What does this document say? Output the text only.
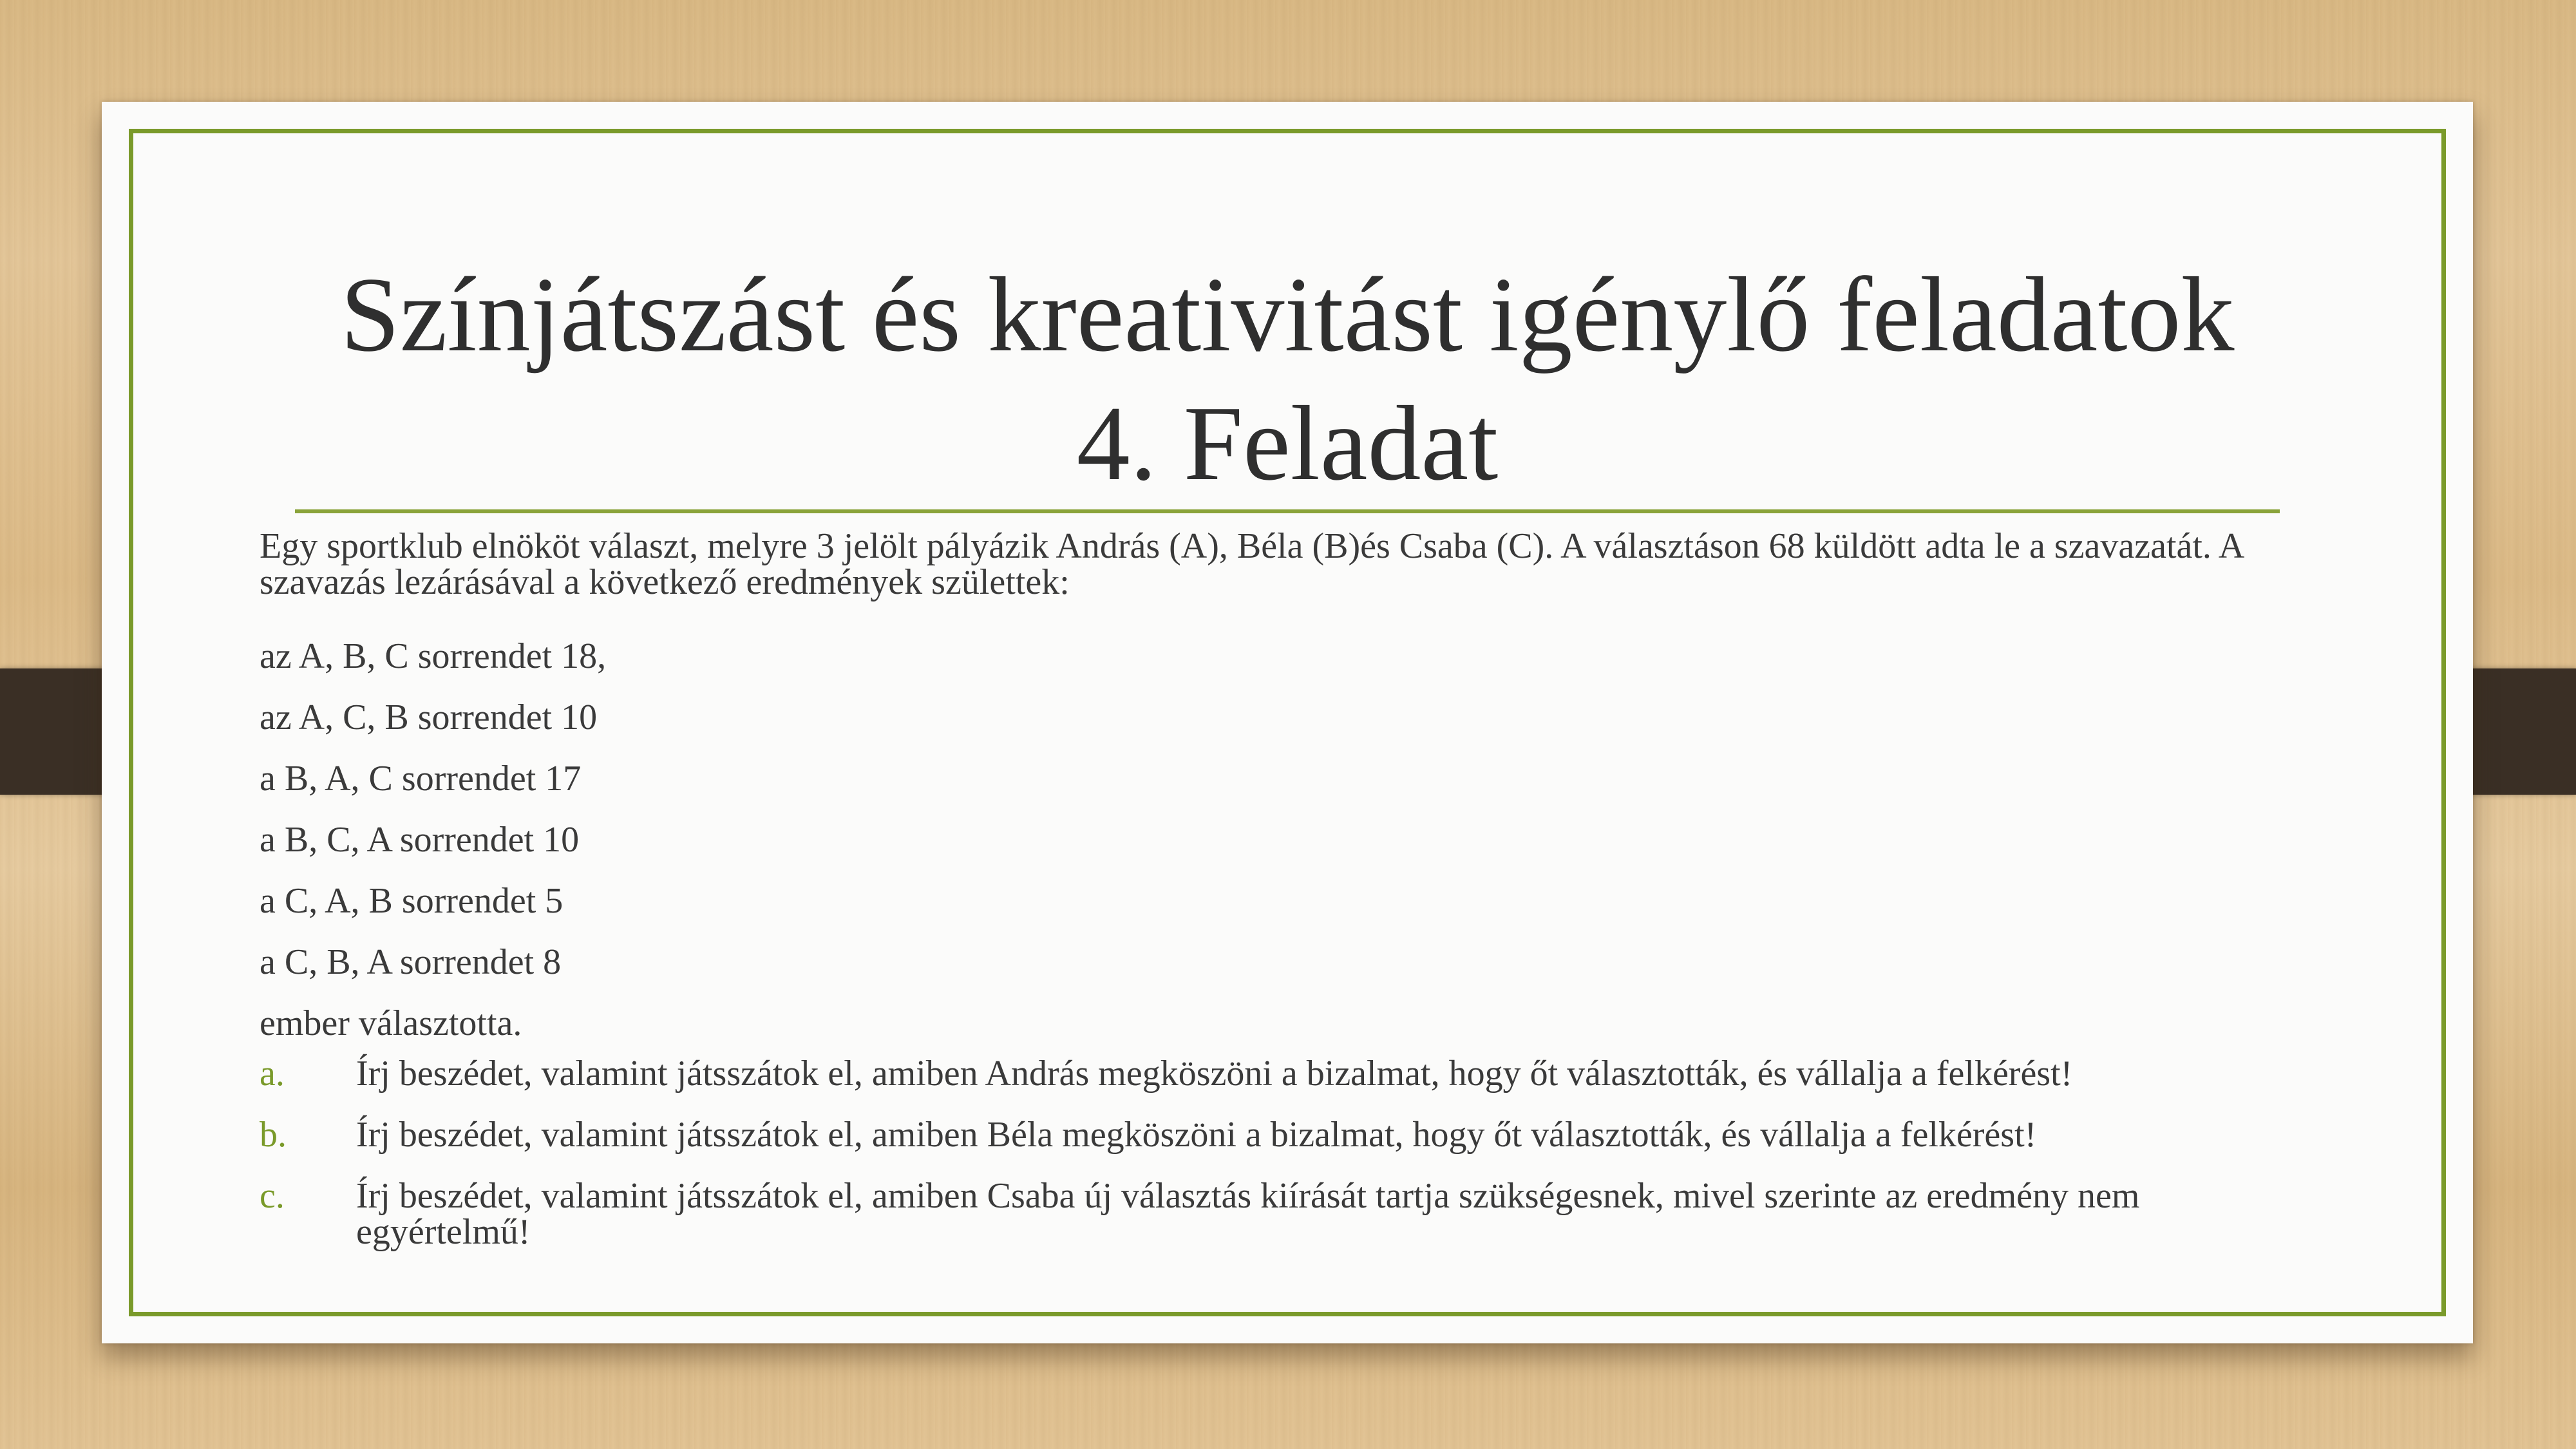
Színjátszást és kreativitást igénylő feladatok
4. Feladat

Egy sportklub elnököt választ, melyre 3 jelölt pályázik András (A), Béla (B)és Csaba (C). A választáson 68 küldött adta le a szavazatát. A szavazás lezárásával a következő eredmények születtek:

az A, B, C sorrendet 18,

az A, C, B sorrendet 10

a B, A, C sorrendet 17

a B, C, A sorrendet 10

a C, A, B sorrendet 5

a C, B, A sorrendet 8

ember választotta.

a. Írj beszédet, valamint játsszátok el, amiben András megköszöni a bizalmat, hogy őt választották, és vállalja a felkérést!
b. Írj beszédet, valamint játsszátok el, amiben Béla megköszöni a bizalmat, hogy őt választották, és vállalja a felkérést!
c. Írj beszédet, valamint játsszátok el, amiben Csaba új választás kiírását tartja szükségesnek, mivel szerinte az eredmény nem egyértelmű!
